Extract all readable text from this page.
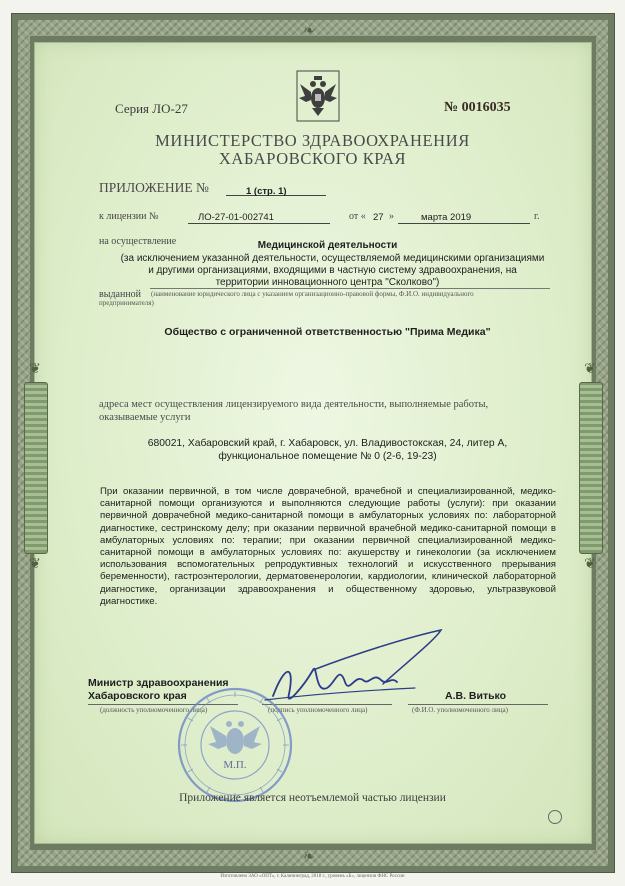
❦	❦
❦	❦
❧
❧
Серия ЛО-27	№ 0016035
МИНИСТЕРСТВО ЗДРАВООХРАНЕНИЯ
ХАБАРОВСКОГО КРАЯ
ПРИЛОЖЕНИЕ №	1 (стр. 1)
к лицензии №	ЛО-27-01-002741	от « 27 »	марта 2019	г.
на осуществление	Медицинской деятельности
(за исключением указанной деятельности, осуществляемой медицинскими организациями
и другими организациями, входящими в частную систему здравоохранения, на
территории инновационного центра "Сколково")
выданной (наименование юридического лица с указанием организационно-правовой формы, Ф.И.О. индивидуального
предпринимателя)
Общество с ограниченной ответственностью "Прима Медика"
адреса мест осуществления лицензируемого вида деятельности, выполняемые работы,
оказываемые услуги
680021, Хабаровский край, г. Хабаровск, ул. Владивостокская, 24, литер А,
функциональное помещение № 0 (2-6, 19-23)
При оказании первичной, в том числе доврачебной, врачебной и специализированной, медико-санитарной помощи организуются и выполняются следующие работы (услуги): при оказании первичной доврачебной медико-санитарной помощи в амбулаторных условиях по: лабораторной диагностике, сестринскому делу; при оказании первичной врачебной медико-санитарной помощи в амбулаторных условиях по: терапии; при оказании первичной специализированной медико-санитарной помощи в амбулаторных условиях по: акушерству и гинекологии (за исключением использования вспомогательных репродуктивных технологий и искусственного прерывания беременности), гастроэнтерологии, дерматовенерологии, кардиологии, клинической лабораторной диагностике, организации здравоохранения и общественному здоровью, ультразвуковой диагностике.
Министр здравоохранения
Хабаровского края
(должность уполномоченного лица)	(подпись уполномоченного лица)
А.В. Витько
(Ф.И.О. уполномоченного лица)
М.П.
Приложение является неотъемлемой частью лицензии
Изготовлено ЗАО «ОПТ», г. Калининград, 2018 г., уровень «Б», лицензия ФНС России
